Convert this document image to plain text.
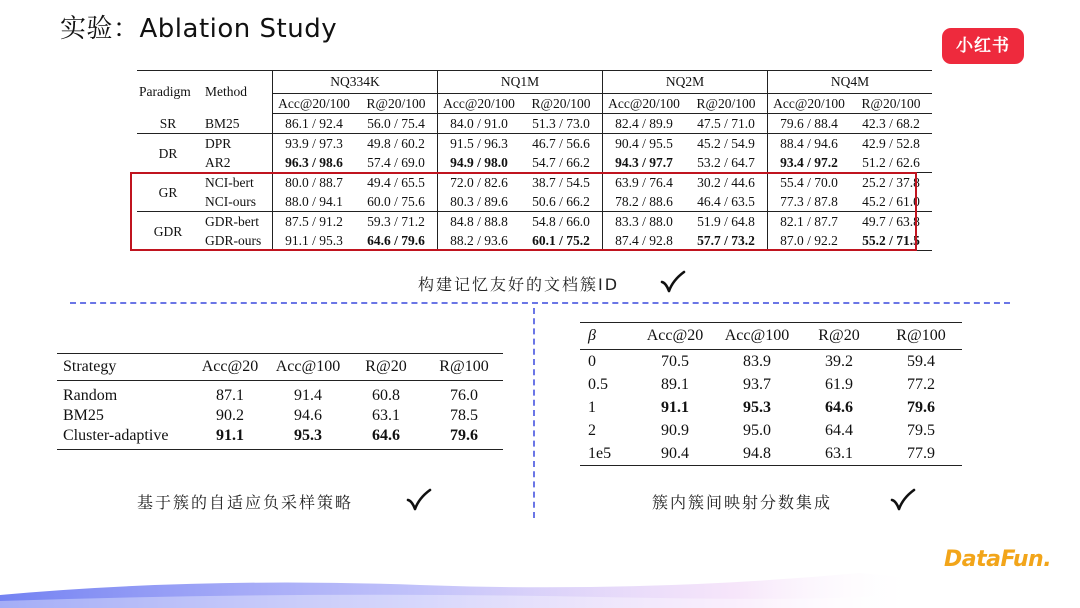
实验：Ablation Study
小红书
Paradigm	Method	NQ334K		NQ1M		NQ2M		NQ4M	
		Acc@20/100	R@20/100	Acc@20/100	R@20/100	Acc@20/100	R@20/100	Acc@20/100	R@20/100
SR	BM25	86.1 / 92.4	56.0 / 75.4	84.0 / 91.0	51.3 / 73.0	82.4 / 89.9	47.5 / 71.0	79.6 / 88.4	42.3 / 68.2
DR	DPR	93.9 / 97.3	49.8 / 60.2	91.5 / 96.3	46.7 / 56.6	90.4 / 95.5	45.2 / 54.9	88.4 / 94.6	42.9 / 52.8
	AR2	96.3 / 98.6	57.4 / 69.0	94.9 / 98.0	54.7 / 66.2	94.3 / 97.7	53.2 / 64.7	93.4 / 97.2	51.2 / 62.6
GR	NCI-bert	80.0 / 88.7	49.4 / 65.5	72.0 / 82.6	38.7 / 54.5	63.9 / 76.4	30.2 / 44.6	55.4 / 70.0	25.2 / 37.8
	NCI-ours	88.0 / 94.1	60.0 / 75.6	80.3 / 89.6	50.6 / 66.2	78.2 / 88.6	46.4 / 63.5	77.3 / 87.8	45.2 / 61.0
GDR	GDR-bert	87.5 / 91.2	59.3 / 71.2	84.8 / 88.8	54.8 / 66.0	83.3 / 88.0	51.9 / 64.8	82.1 / 87.7	49.7 / 63.8
	GDR-ours	91.1 / 95.3	64.6 / 79.6	88.2 / 93.6	60.1 / 75.2	87.4 / 92.8	57.7 / 73.2	87.0 / 92.2	55.2 / 71.5
构建记忆友好的文档簇ID
Strategy	Acc@20	Acc@100	R@20	R@100
Random	87.1	91.4	60.8	76.0
BM25	90.2	94.6	63.1	78.5
Cluster-adaptive	91.1	95.3	64.6	79.6
基于簇的自适应负采样策略
β	Acc@20	Acc@100	R@20	R@100
0	70.5	83.9	39.2	59.4
0.5	89.1	93.7	61.9	77.2
1	91.1	95.3	64.6	79.6
2	90.9	95.0	64.4	79.5
1e5	90.4	94.8	63.1	77.9
簇内簇间映射分数集成
DataFun.
